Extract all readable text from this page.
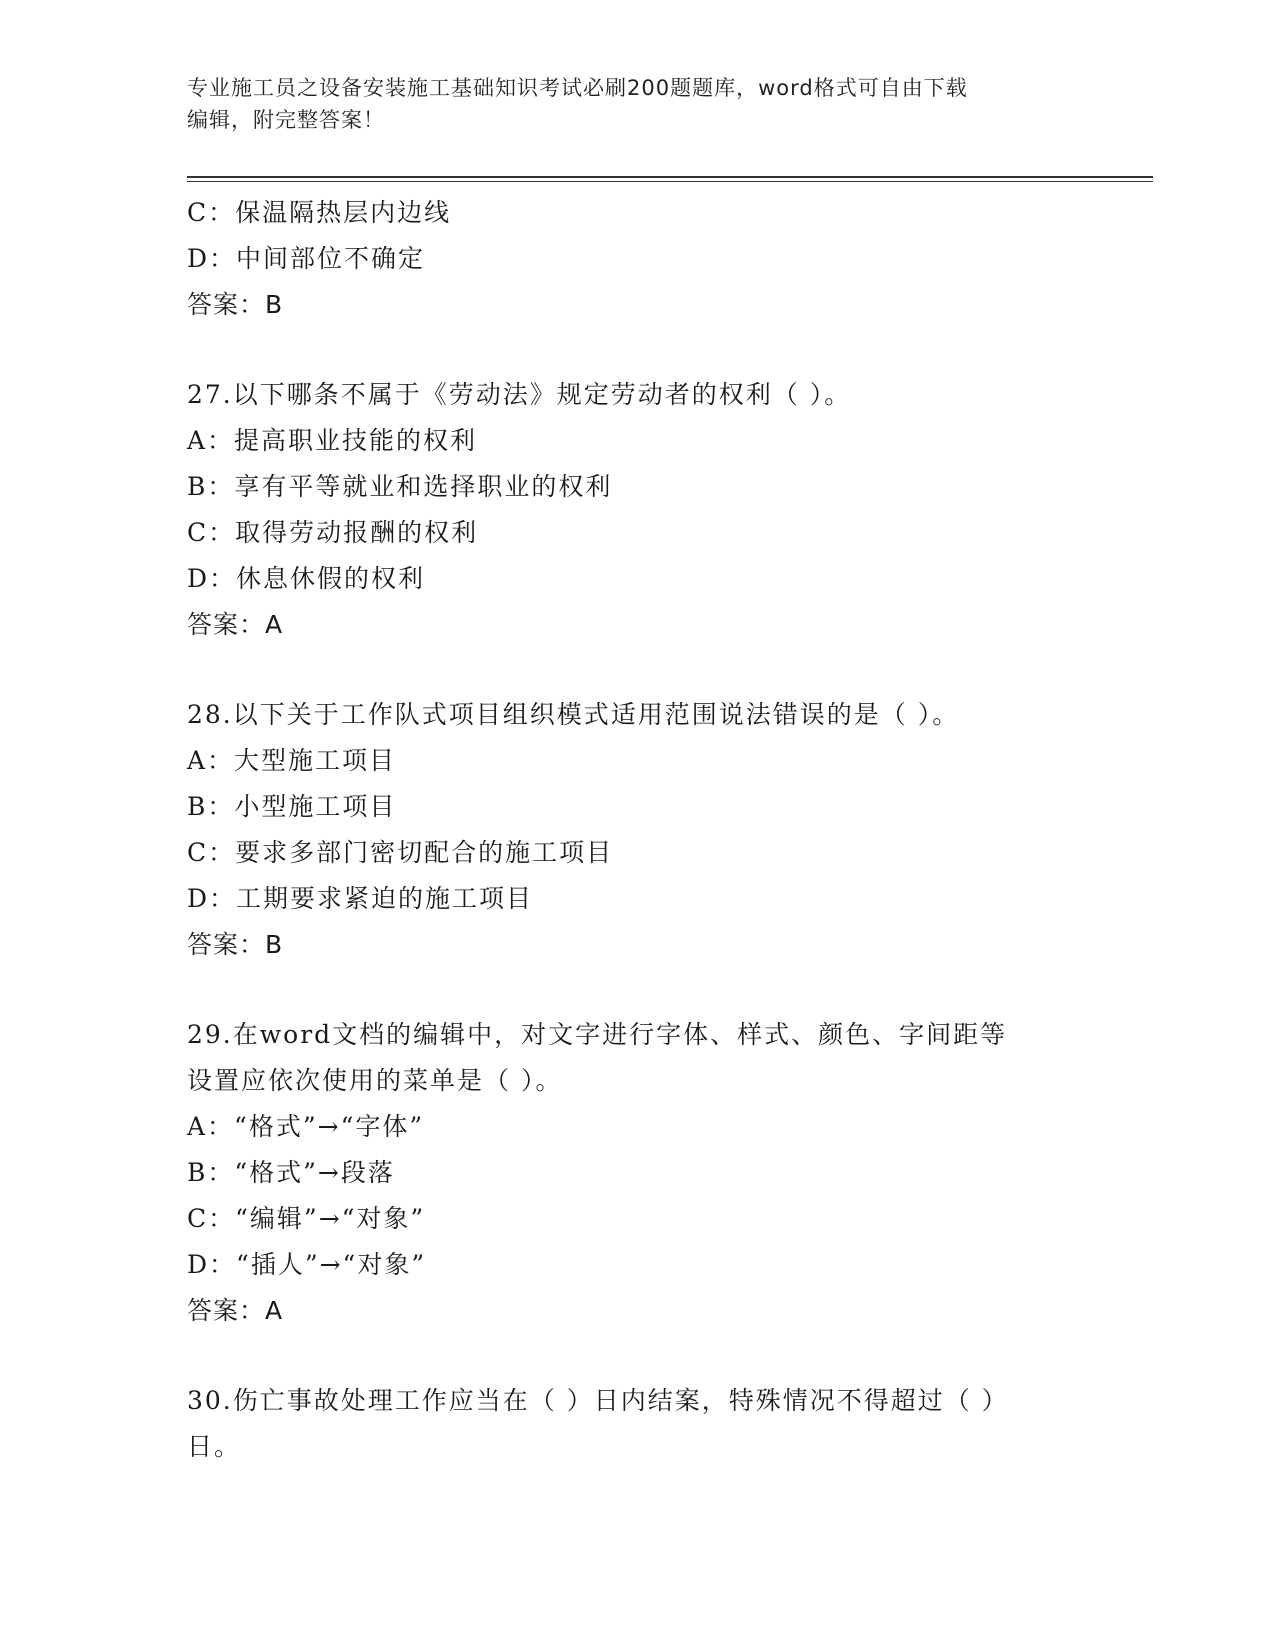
专业施工员之设备安装施工基础知识考试必刷200题题库，word格式可自由下载
编辑，附完整答案！
C：保温隔热层内边线
D：中间部位不确定
答案：B
27.以下哪条不属于《劳动法》规定劳动者的权利（ ）。
A：提高职业技能的权利
B：享有平等就业和选择职业的权利
C：取得劳动报酬的权利
D：休息休假的权利
答案：A
28.以下关于工作队式项目组织模式适用范围说法错误的是（ ）。
A：大型施工项目
B：小型施工项目
C：要求多部门密切配合的施工项目
D：工期要求紧迫的施工项目
答案：B
29.在word文档的编辑中，对文字进行字体、样式、颜色、字间距等
设置应依次使用的菜单是（ ）。
A：“格式”→“字体”
B：“格式”→段落
C：“编辑”→“对象”
D：“插人”→“对象”
答案：A
30.伤亡事故处理工作应当在（ ）日内结案，特殊情况不得超过（ ）
日。
